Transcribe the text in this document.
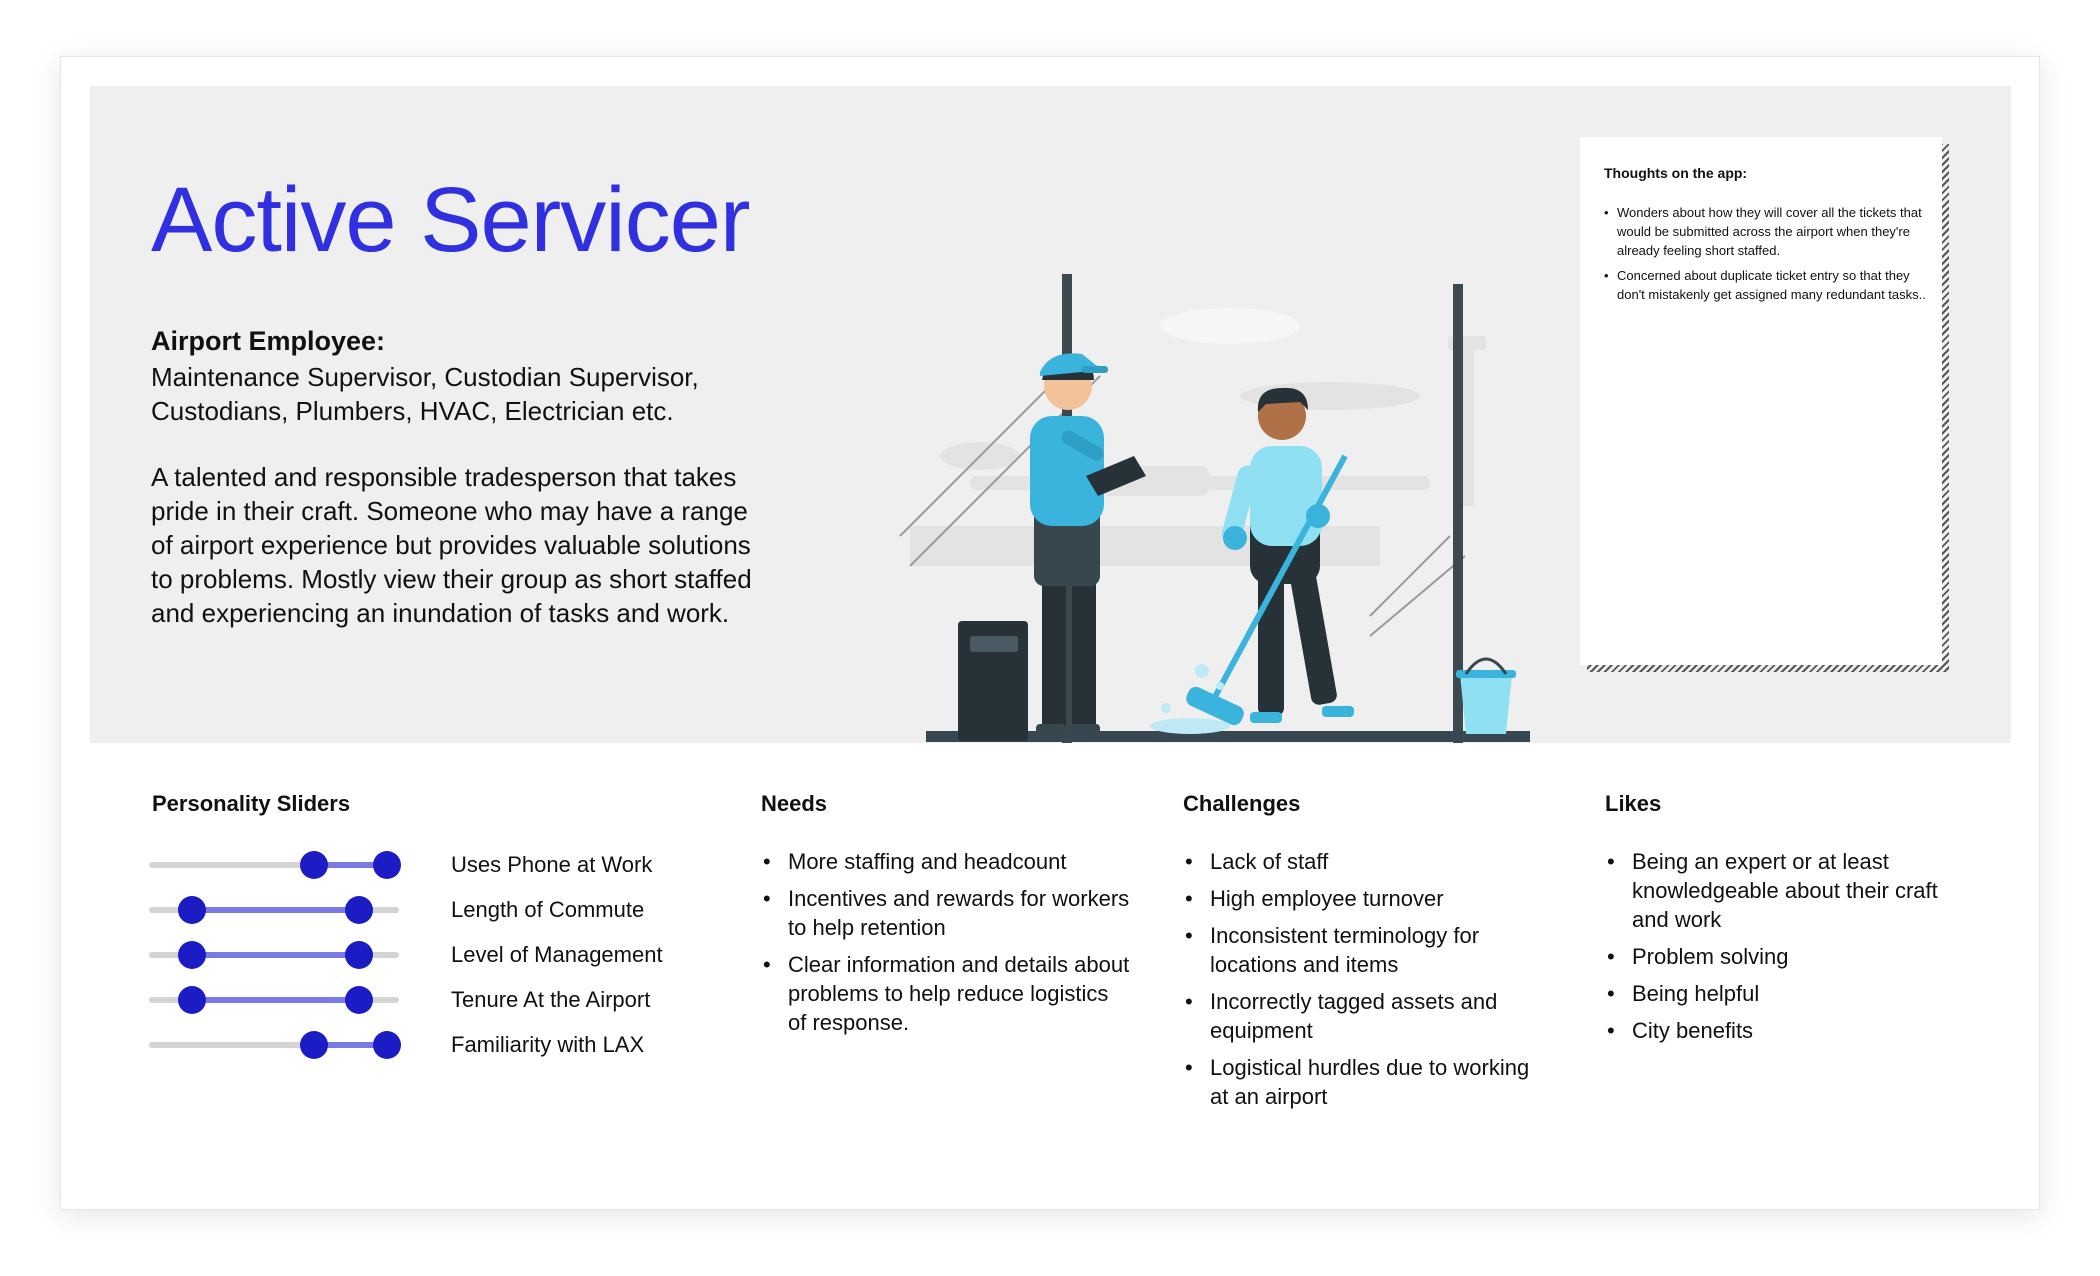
Active Servicer
Airport Employee:
Maintenance Supervisor, Custodian Supervisor, Custodians, Plumbers, HVAC, Electrician etc.
A talented and responsible tradesperson that takes pride in their craft. Someone who may have a range of airport experience but provides valuable solutions to problems. Mostly view their group as short staffed and experiencing an inundation of tasks and work.
Thoughts on the app:
• Wonders about how they will cover all the tickets that would be submitted across the airport when they're already feeling short staffed.
• Concerned about duplicate ticket entry so that they don't mistakenly get assigned many redundant tasks..
Personality Sliders	Needs	Challenges	Likes
Uses Phone at Work
Length of Commute
Level of Management
Tenure At the Airport
Familiarity with LAX
• More staffing and headcount
• Incentives and rewards for workers to help retention
• Clear information and details about problems to help reduce logistics of response.
• Lack of staff
• High employee turnover
• Inconsistent terminology for locations and items
• Incorrectly tagged assets and equipment
• Logistical hurdles due to working at an airport
• Being an expert or at least knowledgeable about their craft and work
• Problem solving
• Being helpful
• City benefits
